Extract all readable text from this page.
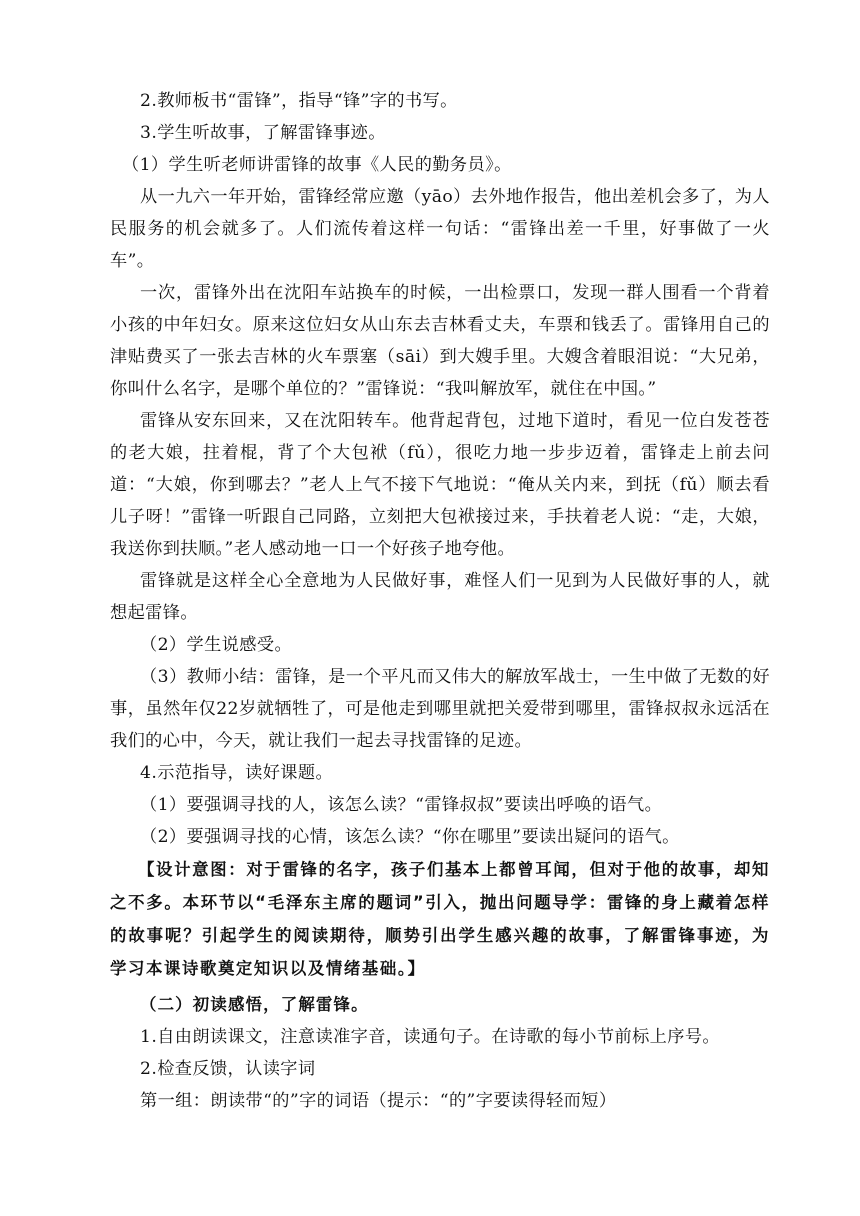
2.教师板书“雷锋”，指导“锋”字的书写。

3.学生听故事，了解雷锋事迹。

（1）学生听老师讲雷锋的故事《人民的勤务员》。

从一九六一年开始，雷锋经常应邀（yāo）去外地作报告，他出差机会多了，为人民服务的机会就多了。人们流传着这样一句话：“雷锋出差一千里，好事做了一火车”。

一次，雷锋外出在沈阳车站换车的时候，一出检票口，发现一群人围看一个背着小孩的中年妇女。原来这位妇女从山东去吉林看丈夫，车票和钱丢了。雷锋用自己的津贴费买了一张去吉林的火车票塞（sāi）到大嫂手里。大嫂含着眼泪说：“大兄弟，你叫什么名字，是哪个单位的？”雷锋说：“我叫解放军，就住在中国。”

雷锋从安东回来，又在沈阳转车。他背起背包，过地下道时，看见一位白发苍苍的老大娘，拄着棍，背了个大包袱（fǔ），很吃力地一步步迈着，雷锋走上前去问道：“大娘，你到哪去？”老人上气不接下气地说：“俺从关内来，到抚（fǔ）顺去看儿子呀！”雷锋一听跟自己同路，立刻把大包袱接过来，手扶着老人说：“走，大娘，我送你到扶顺。”老人感动地一口一个好孩子地夸他。

雷锋就是这样全心全意地为人民做好事，难怪人们一见到为人民做好事的人，就想起雷锋。

（2）学生说感受。

（3）教师小结：雷锋，是一个平凡而又伟大的解放军战士，一生中做了无数的好事，虽然年仅22岁就牺牲了，可是他走到哪里就把关爱带到哪里，雷锋叔叔永远活在我们的心中，今天，就让我们一起去寻找雷锋的足迹。

4.示范指导，读好课题。

（1）要强调寻找的人，该怎么读？“雷锋叔叔”要读出呼唤的语气。

（2）要强调寻找的心情，该怎么读？“你在哪里”要读出疑问的语气。

【设计意图：对于雷锋的名字，孩子们基本上都曾耳闻，但对于他的故事，却知之不多。本环节以“毛泽东主席的题词”引入，抛出问题导学：雷锋的身上藏着怎样的故事呢？引起学生的阅读期待，顺势引出学生感兴趣的故事，了解雷锋事迹，为学习本课诗歌奠定知识以及情绪基础。】

（二）初读感悟，了解雷锋。

1.自由朗读课文，注意读准字音，读通句子。在诗歌的每小节前标上序号。

2.检查反馈，认读字词

第一组：朗读带“的”字的词语（提示：“的”字要读得轻而短）
